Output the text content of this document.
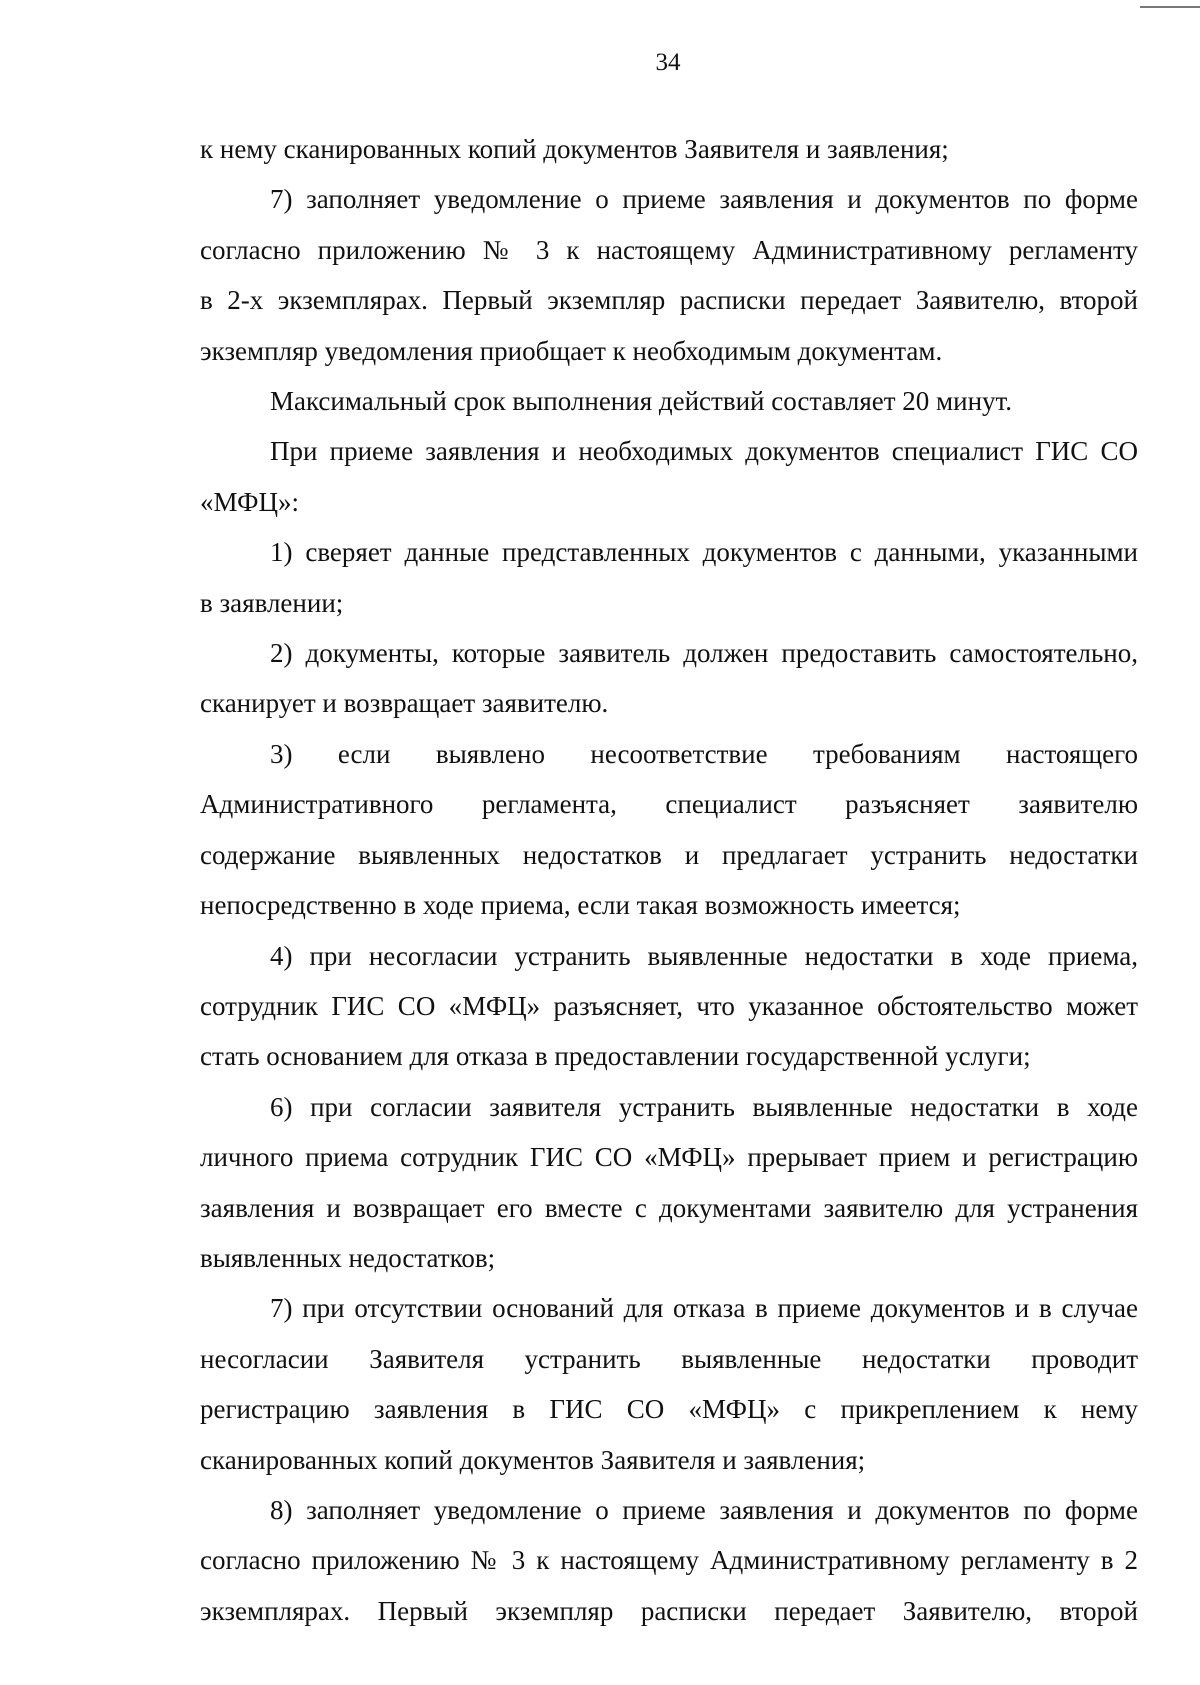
34
к нему сканированных копий документов Заявителя и заявления;
7) заполняет уведомление о приеме заявления и документов по форме
согласно приложению № 3 к настоящему Административному регламенту
в 2-х экземплярах. Первый экземпляр расписки передает Заявителю, второй
экземпляр уведомления приобщает к необходимым документам.
Максимальный срок выполнения действий составляет 20 минут.
При приеме заявления и необходимых документов специалист ГИС СО
«МФЦ»:
1) сверяет данные представленных документов с данными, указанными
в заявлении;
2) документы, которые заявитель должен предоставить самостоятельно,
сканирует и возвращает заявителю.
3) если выявлено несоответствие требованиям настоящего
Административного регламента, специалист разъясняет заявителю
содержание выявленных недостатков и предлагает устранить недостатки
непосредственно в ходе приема, если такая возможность имеется;
4) при несогласии устранить выявленные недостатки в ходе приема,
сотрудник ГИС СО «МФЦ» разъясняет, что указанное обстоятельство может
стать основанием для отказа в предоставлении государственной услуги;
6) при согласии заявителя устранить выявленные недостатки в ходе
личного приема сотрудник ГИС СО «МФЦ» прерывает прием и регистрацию
заявления и возвращает его вместе с документами заявителю для устранения
выявленных недостатков;
7) при отсутствии оснований для отказа в приеме документов и в случае
несогласии Заявителя устранить выявленные недостатки проводит
регистрацию заявления в ГИС СО «МФЦ» с прикреплением к нему
сканированных копий документов Заявителя и заявления;
8) заполняет уведомление о приеме заявления и документов по форме
согласно приложению № 3 к настоящему Административному регламенту в 2
экземплярах. Первый экземпляр расписки передает Заявителю, второй
